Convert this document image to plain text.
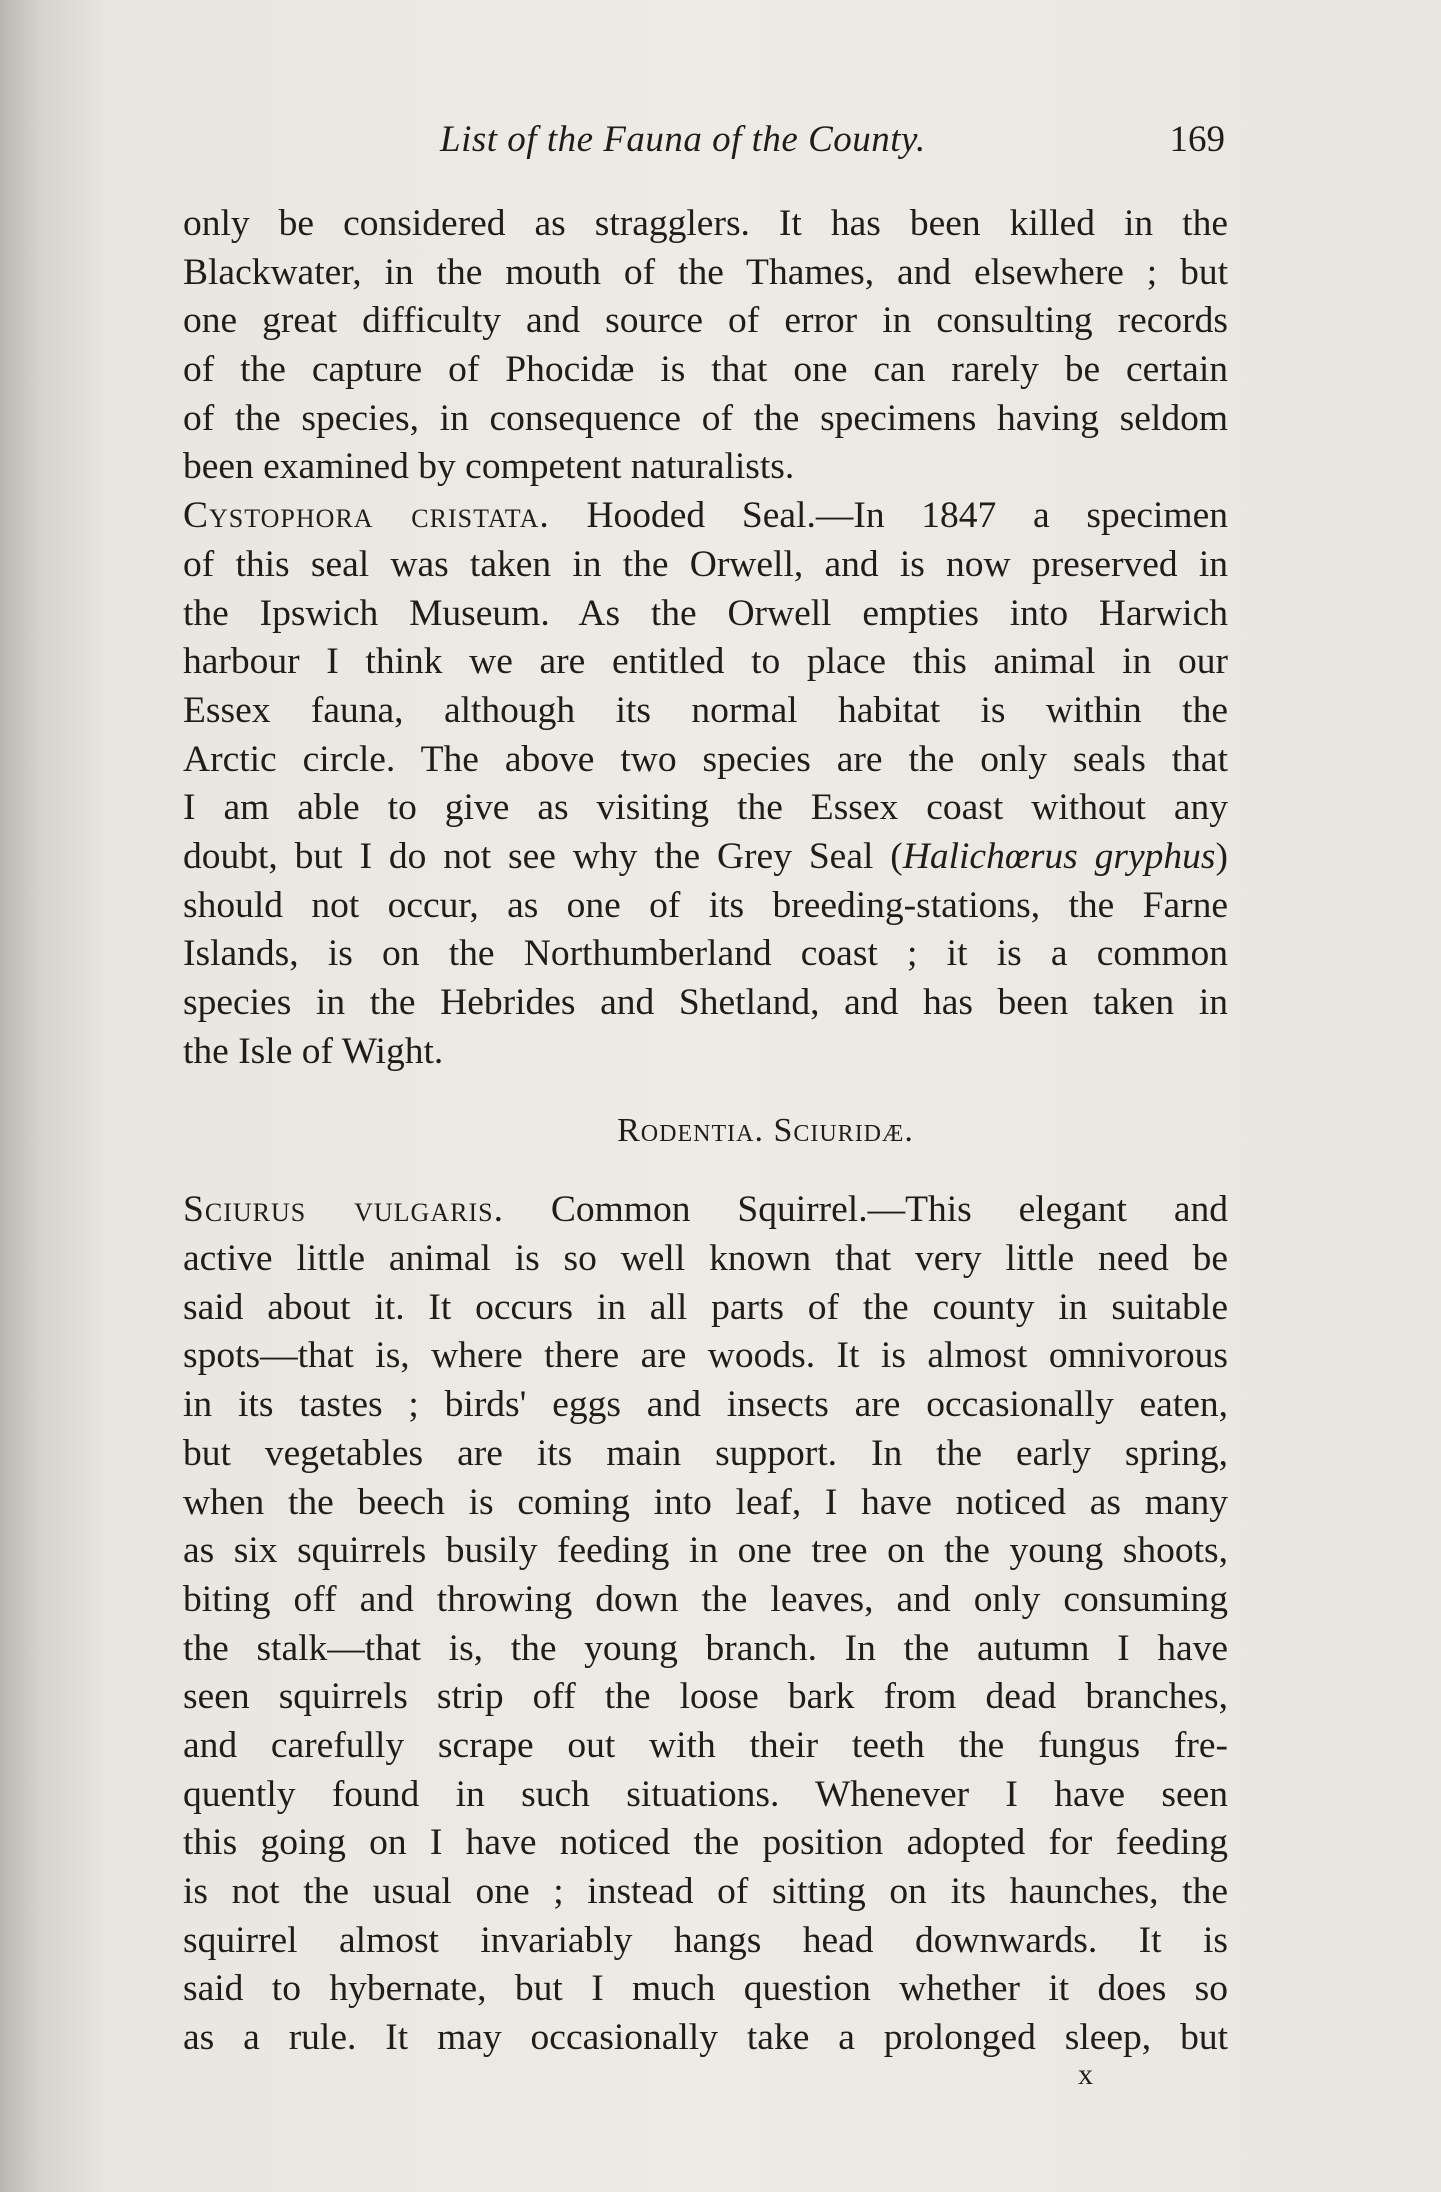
List of the Fauna of the County.	169
only be considered as stragglers. It has been killed in the
Blackwater, in the mouth of the Thames, and elsewhere ; but
one great difficulty and source of error in consulting records
of the capture of Phocidæ is that one can rarely be certain
of the species, in consequence of the specimens having seldom
been examined by competent naturalists.
Cystophora cristata. Hooded Seal.—In 1847 a specimen
of this seal was taken in the Orwell, and is now preserved in
the Ipswich Museum. As the Orwell empties into Harwich
harbour I think we are entitled to place this animal in our
Essex fauna, although its normal habitat is within the
Arctic circle. The above two species are the only seals that
I am able to give as visiting the Essex coast without any
doubt, but I do not see why the Grey Seal (Halichœrus gryphus)
should not occur, as one of its breeding-stations, the Farne
Islands, is on the Northumberland coast ; it is a common
species in the Hebrides and Shetland, and has been taken in
the Isle of Wight.
Rodentia. Sciuridæ.
Sciurus vulgaris. Common Squirrel.—This elegant and
active little animal is so well known that very little need be
said about it. It occurs in all parts of the county in suitable
spots—that is, where there are woods. It is almost omnivorous
in its tastes ; birds' eggs and insects are occasionally eaten,
but vegetables are its main support. In the early spring,
when the beech is coming into leaf, I have noticed as many
as six squirrels busily feeding in one tree on the young shoots,
biting off and throwing down the leaves, and only consuming
the stalk—that is, the young branch. In the autumn I have
seen squirrels strip off the loose bark from dead branches,
and carefully scrape out with their teeth the fungus fre-
quently found in such situations. Whenever I have seen
this going on I have noticed the position adopted for feeding
is not the usual one ; instead of sitting on its haunches, the
squirrel almost invariably hangs head downwards. It is
said to hybernate, but I much question whether it does so
as a rule. It may occasionally take a prolonged sleep, but
x
